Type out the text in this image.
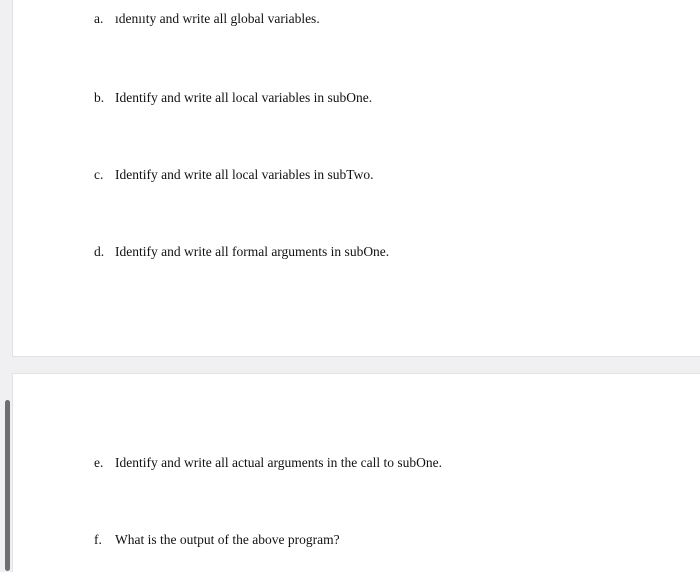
a. ıdenııty and write all global variables.
b. Identify and write all local variables in subOne.
c. Identify and write all local variables in subTwo.
d. Identify and write all formal arguments in subOne.
e. Identify and write all actual arguments in the call to subOne.
f. What is the output of the above program?
